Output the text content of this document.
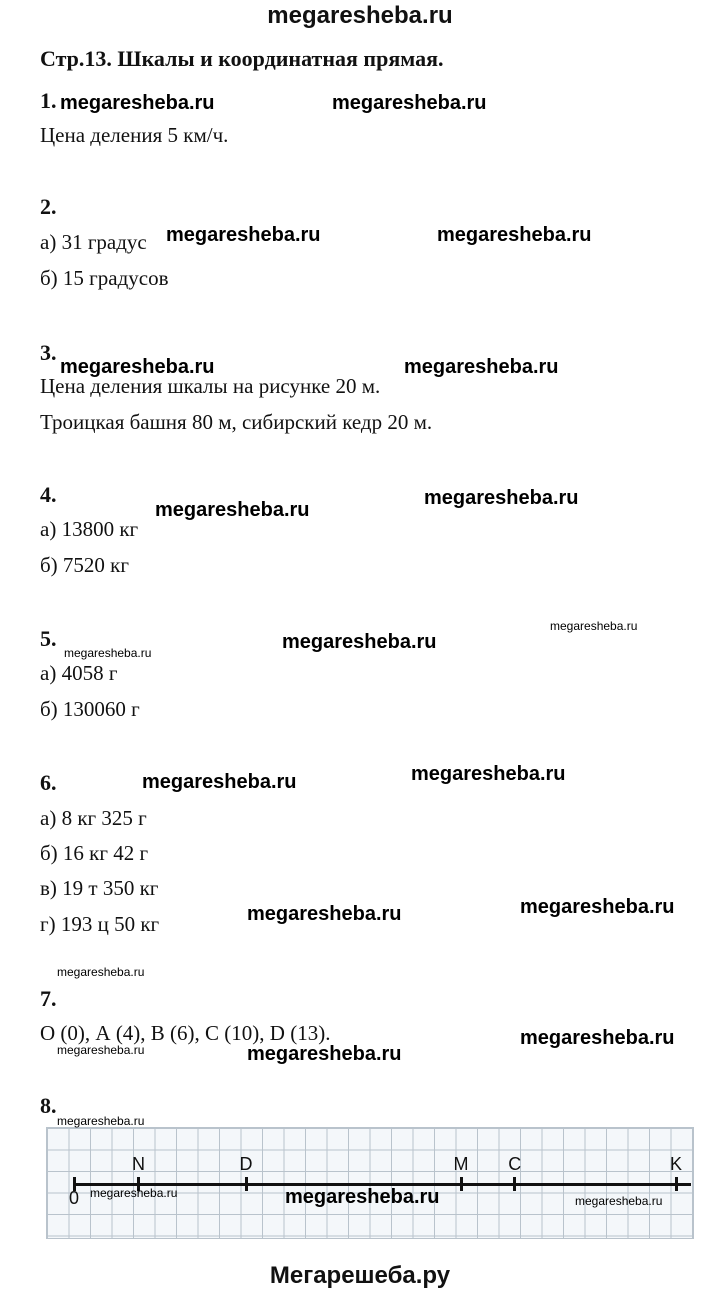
megaresheba.ru
Стр.13. Шкалы и координатная прямая.
1.
Цена деления 5 км/ч.
2.
а) 31 градус
б) 15 градусов
3.
Цена деления шкалы на рисунке 20 м.
Троицкая башня 80 м, сибирский кедр 20 м.
4.
а) 13800 кг
б) 7520 кг
5.
а) 4058 г
б) 130060 г
6.
а) 8 кг 325 г
б) 16 кг 42 г
в) 19 т 350 кг
г) 193 ц 50 кг
7.
О (0), А (4), В (6), С (10), D (13).
8.
0
N	D	M C	K
megaresheba.ru	megaresheba.ru
megaresheba.ru	megaresheba.ru
megaresheba.ru	megaresheba.ru
megaresheba.ru
megaresheba.ru
megaresheba.ru
megaresheba.ru	megaresheba.ru
megaresheba.ru	megaresheba.ru
megaresheba.ru
megaresheba.ru
megaresheba.ru
megaresheba.ru
megaresheba.ru
megaresheba.ru
megaresheba.ru
megaresheba.ru
megaresheba.ru
megaresheba.ru
Мегарешеба.ру
